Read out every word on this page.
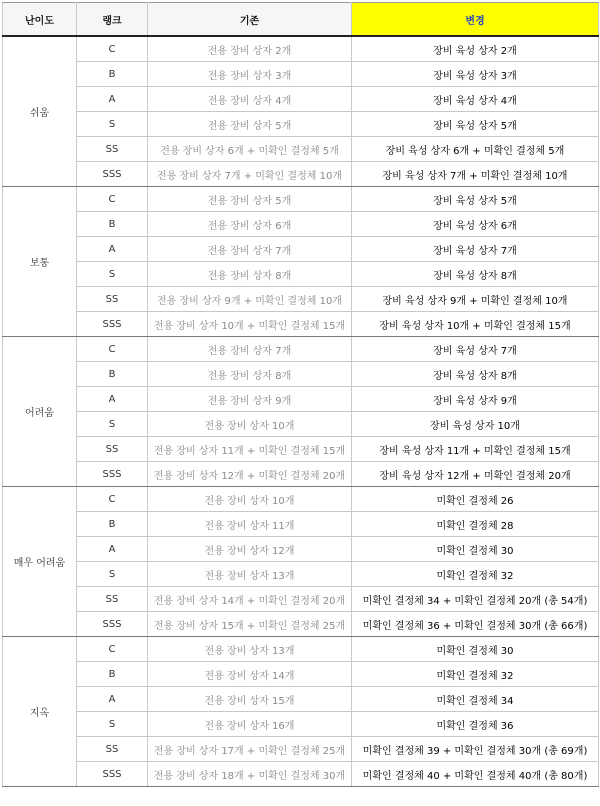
난이도	랭크	기존	변경
쉬움	C	전용 장비 상자 2개	장비 육성 상자 2개
	B	전용 장비 상자 3개	장비 육성 상자 3개
	A	전용 장비 상자 4개	장비 육성 상자 4개
	S	전용 장비 상자 5개	장비 육성 상자 5개
	SS	전용 장비 상자 6개 + 미확인 결정체 5개	장비 육성 상자 6개 + 미확인 결정체 5개
	SSS	전용 장비 상자 7개 + 미확인 결정체 10개	장비 육성 상자 7개 + 미확인 결정체 10개
보통	C	전용 장비 상자 5개	장비 육성 상자 5개
	B	전용 장비 상자 6개	장비 육성 상자 6개
	A	전용 장비 상자 7개	장비 육성 상자 7개
	S	전용 장비 상자 8개	장비 육성 상자 8개
	SS	전용 장비 상자 9개 + 미확인 결정체 10개	장비 육성 상자 9개 + 미확인 결정체 10개
	SSS	전용 장비 상자 10개 + 미확인 결정체 15개	장비 육성 상자 10개 + 미확인 결정체 15개
어려움	C	전용 장비 상자 7개	장비 육성 상자 7개
	B	전용 장비 상자 8개	장비 육성 상자 8개
	A	전용 장비 상자 9개	장비 육성 상자 9개
	S	전용 장비 상자 10개	장비 육성 상자 10개
	SS	전용 장비 상자 11개 + 미확인 결정체 15개	장비 육성 상자 11개 + 미확인 결정체 15개
	SSS	전용 장비 상자 12개 + 미확인 결정체 20개	장비 육성 상자 12개 + 미확인 결정체 20개
매우 어려움	C	전용 장비 상자 10개	미확인 결정체 26
	B	전용 장비 상자 11개	미확인 결정체 28
	A	전용 장비 상자 12개	미확인 결정체 30
	S	전용 장비 상자 13개	미확인 결정체 32
	SS	전용 장비 상자 14개 + 미확인 결정체 20개	미확인 결정체 34 + 미확인 결정체 20개 (총 54개)
	SSS	전용 장비 상자 15개 + 미확인 결정체 25개	미확인 결정체 36 + 미확인 결정체 30개 (총 66개)
지옥	C	전용 장비 상자 13개	미확인 결정체 30
	B	전용 장비 상자 14개	미확인 결정체 32
	A	전용 장비 상자 15개	미확인 결정체 34
	S	전용 장비 상자 16개	미확인 결정체 36
	SS	전용 장비 상자 17개 + 미확인 결정체 25개	미확인 결정체 39 + 미확인 결정체 30개 (총 69개)
	SSS	전용 장비 상자 18개 + 미확인 결정체 30개	미확인 결정체 40 + 미확인 결정체 40개 (총 80개)
